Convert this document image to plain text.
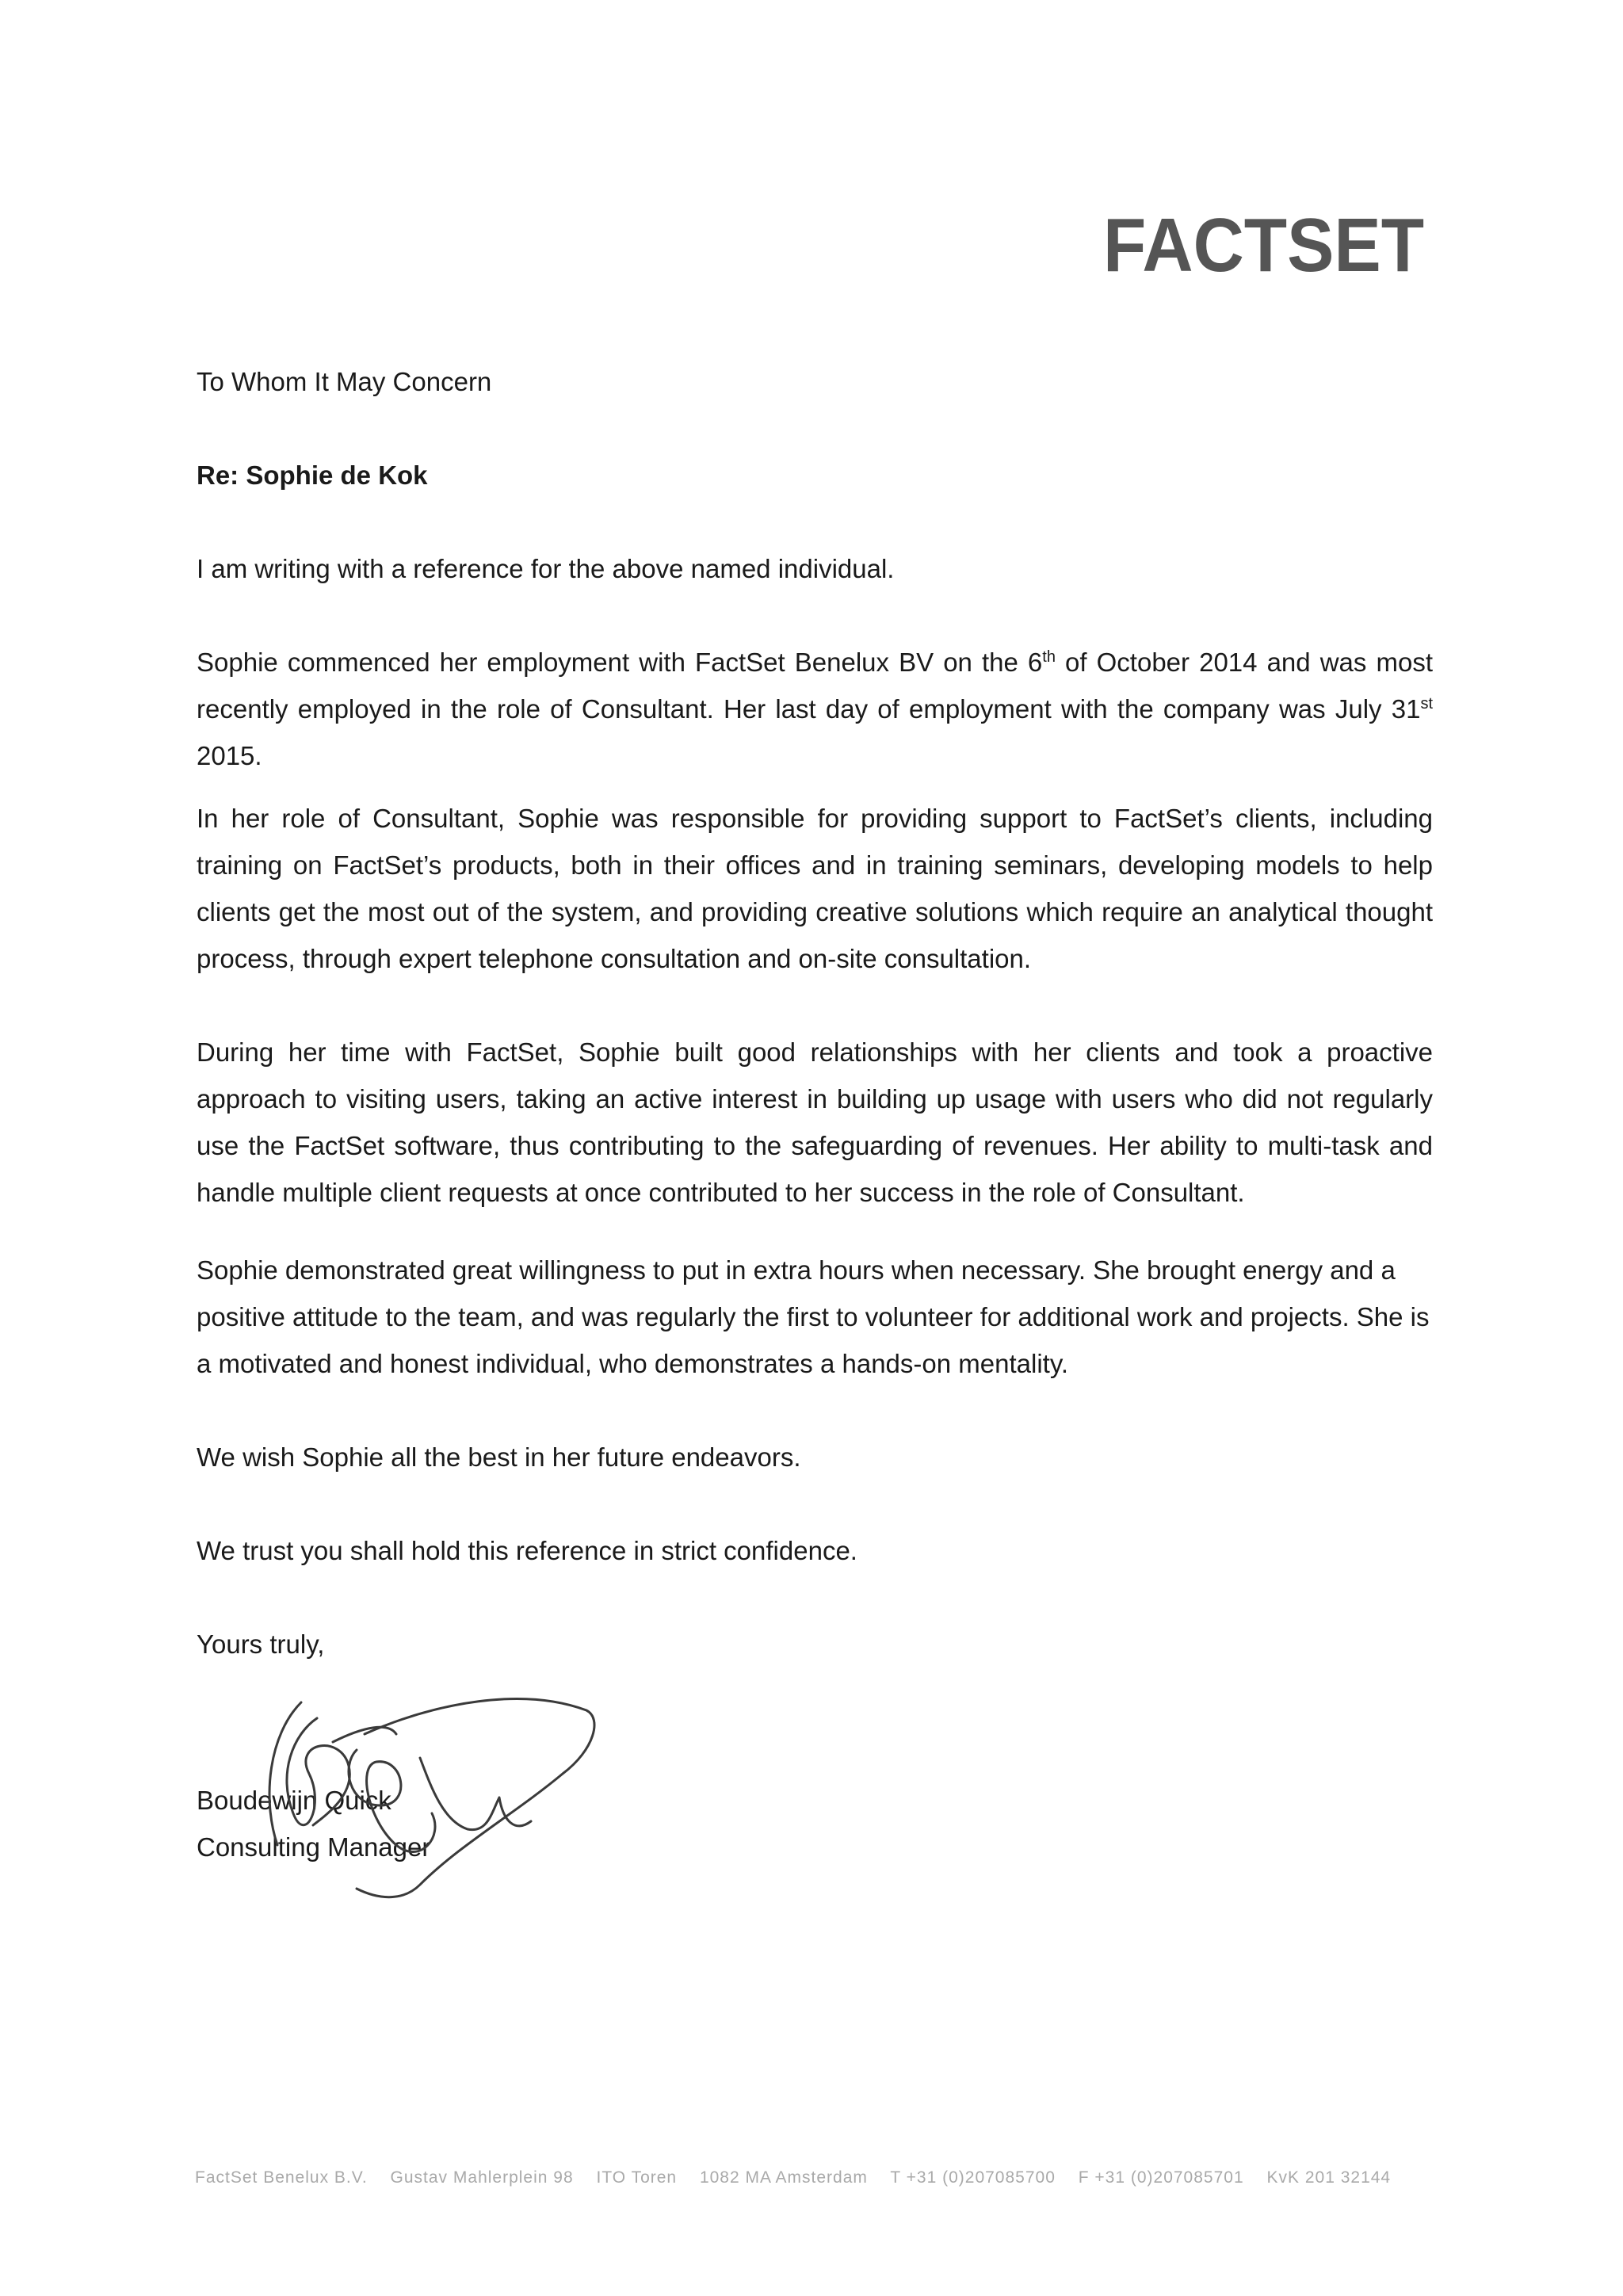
FACTSET

To Whom It May Concern

Re: Sophie de Kok

I am writing with a reference for the above named individual.

Sophie commenced her employment with FactSet Benelux BV on the 6th of October 2014 and was most recently employed in the role of Consultant. Her last day of employment with the company was July 31st 2015.

In her role of Consultant, Sophie was responsible for providing support to FactSet’s clients, including training on FactSet’s products, both in their offices and in training seminars, developing models to help clients get the most out of the system, and providing creative solutions which require an analytical thought process, through expert telephone consultation and on-site consultation.

During her time with FactSet, Sophie built good relationships with her clients and took a proactive approach to visiting users, taking an active interest in building up usage with users who did not regularly use the FactSet software, thus contributing to the safeguarding of revenues. Her ability to multi-task and handle multiple client requests at once contributed to her success in the role of Consultant.

Sophie demonstrated great willingness to put in extra hours when necessary. She brought energy and a positive attitude to the team, and was regularly the first to volunteer for additional work and projects. She is a motivated and honest individual, who demonstrates a hands-on mentality.

We wish Sophie all the best in her future endeavors.

We trust you shall hold this reference in strict confidence.

Yours truly,

Boudewijn Quick

Consulting Manager

FactSet Benelux B.V. Gustav Mahlerplein 98 ITO Toren 1082 MA Amsterdam T +31 (0)207085700 F +31 (0)207085701 KvK 201 32144
